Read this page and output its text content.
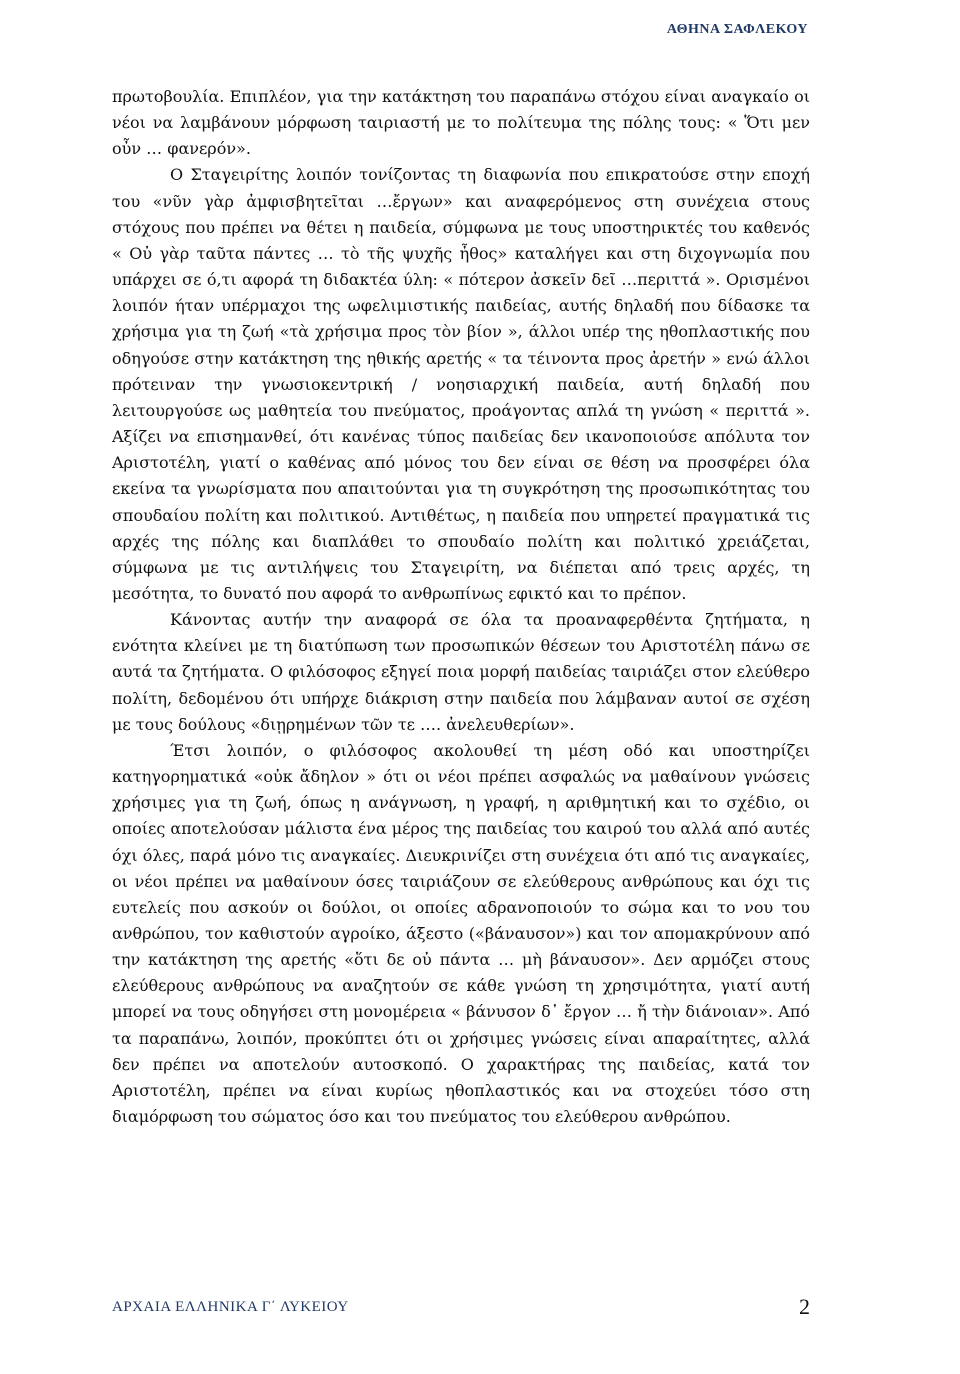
ΑΘΗΝΑ ΣΑΦΛΕΚΟΥ

πρωτοβουλία. Επιπλέον, για την κατάκτηση του παραπάνω στόχου είναι αναγκαίο οι νέοι να λαμβάνουν μόρφωση ταιριαστή με το πολίτευμα της πόλης τους: « Ὅτι μεν οὖν … φανερόν».

Ο Σταγειρίτης λοιπόν τονίζοντας τη διαφωνία που επικρατούσε στην εποχή του «νῦν γὰρ ἀμφισβητεῖται …ἔργων» και αναφερόμενος στη συνέχεια στους στόχους που πρέπει να θέτει η παιδεία, σύμφωνα με τους υποστηρικτές του καθενός « Οὐ γὰρ ταῦτα πάντες … τὸ τῆς ψυχῆς ἦθος» καταλήγει και στη διχογνωμία που υπάρχει σε ό,τι αφορά τη διδακτέα ύλη: « πότερον ἀσκεῖν δεῖ …περιττά ». Ορισμένοι λοιπόν ήταν υπέρμαχοι της ωφελιμιστικής παιδείας, αυτής δηλαδή που δίδασκε τα χρήσιμα για τη ζωή «τὰ χρήσιμα προς τὸν βίον », άλλοι υπέρ της ηθοπλαστικής που οδηγούσε στην κατάκτηση της ηθικής αρετής « τα τέινοντα προς ἀρετήν » ενώ άλλοι πρότειναν την γνωσιοκεντρική / νοησιαρχική παιδεία, αυτή δηλαδή που λειτουργούσε ως μαθητεία του πνεύματος, προάγοντας απλά τη γνώση « περιττά ». Αξίζει να επισημανθεί, ότι κανένας τύπος παιδείας δεν ικανοποιούσε απόλυτα τον Αριστοτέλη, γιατί ο καθένας από μόνος του δεν είναι σε θέση να προσφέρει όλα εκείνα τα γνωρίσματα που απαιτούνται για τη συγκρότηση της προσωπικότητας του σπουδαίου πολίτη και πολιτικού. Αντιθέτως, η παιδεία που υπηρετεί πραγματικά τις αρχές της πόλης και διαπλάθει το σπουδαίο πολίτη και πολιτικό χρειάζεται, σύμφωνα με τις αντιλήψεις του Σταγειρίτη, να διέπεται από τρεις αρχές, τη μεσότητα, το δυνατό που αφορά το ανθρωπίνως εφικτό και το πρέπον.

Κάνοντας αυτήν την αναφορά σε όλα τα προαναφερθέντα ζητήματα, η ενότητα κλείνει με τη διατύπωση των προσωπικών θέσεων του Αριστοτέλη πάνω σε αυτά τα ζητήματα. Ο φιλόσοφος εξηγεί ποια μορφή παιδείας ταιριάζει στον ελεύθερο πολίτη, δεδομένου ότι υπήρχε διάκριση στην παιδεία που λάμβαναν αυτοί σε σχέση με τους δούλους «διῃρημένων τῶν τε …. ἀνελευθερίων».

Έτσι λοιπόν, ο φιλόσοφος ακολουθεί τη μέση οδό και υποστηρίζει κατηγορηματικά «οὐκ ἄδηλον » ότι οι νέοι πρέπει ασφαλώς να μαθαίνουν γνώσεις χρήσιμες για τη ζωή, όπως η ανάγνωση, η γραφή, η αριθμητική και το σχέδιο, οι οποίες αποτελούσαν μάλιστα ένα μέρος της παιδείας του καιρού του αλλά από αυτές όχι όλες, παρά μόνο τις αναγκαίες. Διευκρινίζει στη συνέχεια ότι από τις αναγκαίες, οι νέοι πρέπει να μαθαίνουν όσες ταιριάζουν σε ελεύθερους ανθρώπους και όχι τις ευτελείς που ασκούν οι δούλοι, οι οποίες αδρανοποιούν το σώμα και το νου του ανθρώπου, τον καθιστούν αγροίκο, άξεστο («βάναυσον») και τον απομακρύνουν από την κατάκτηση της αρετής «ὅτι δε οὐ πάντα … μὴ βάναυσον». Δεν αρμόζει στους ελεύθερους ανθρώπους να αναζητούν σε κάθε γνώση τη χρησιμότητα, γιατί αυτή μπορεί να τους οδηγήσει στη μονομέρεια « βάνυσον δ᾽ ἔργον … ἤ τὴν διάνοιαν». Από τα παραπάνω, λοιπόν, προκύπτει ότι οι χρήσιμες γνώσεις είναι απαραίτητες, αλλά δεν πρέπει να αποτελούν αυτοσκοπό. Ο χαρακτήρας της παιδείας, κατά τον Αριστοτέλη, πρέπει να είναι κυρίως ηθοπλαστικός και να στοχεύει τόσο στη διαμόρφωση του σώματος όσο και του πνεύματος του ελεύθερου ανθρώπου.

ΑΡΧΑΙΑ ΕΛΛΗΝΙΚΑ Γ΄ ΛΥΚΕΙΟΥ	2
